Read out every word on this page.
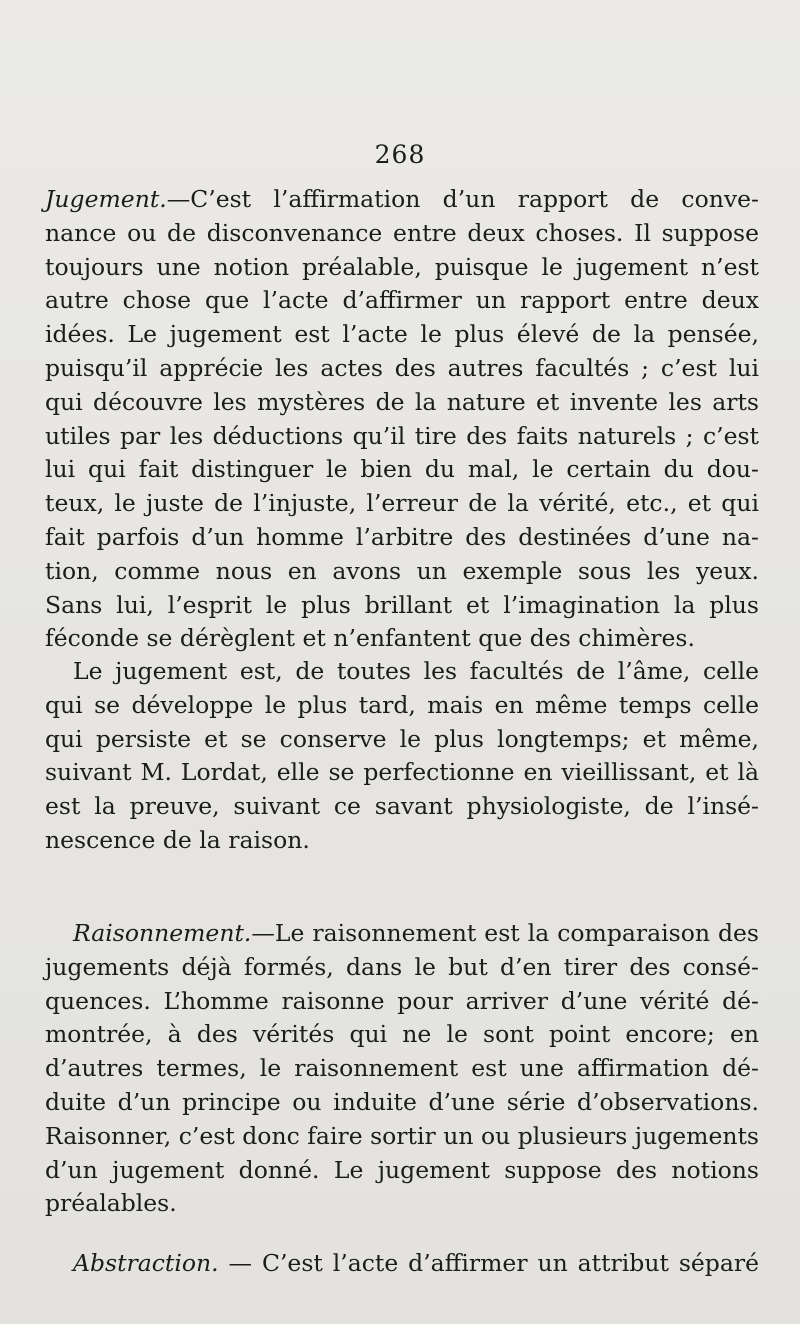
268
Jugement.—C’est l’affirmation d’un rapport de conve-
nance ou de disconvenance entre deux choses. Il suppose
toujours une notion préalable, puisque le jugement n’est
autre chose que l’acte d’affirmer un rapport entre deux
idées. Le jugement est l’acte le plus élevé de la pensée,
puisqu’il apprécie les actes des autres facultés ; c’est lui
qui découvre les mystères de la nature et invente les arts
utiles par les déductions qu’il tire des faits naturels ; c’est
lui qui fait distinguer le bien du mal, le certain du dou-
teux, le juste de l’injuste, l’erreur de la vérité, etc., et qui
fait parfois d’un homme l’arbitre des destinées d’une na-
tion, comme nous en avons un exemple sous les yeux.
Sans lui, l’esprit le plus brillant et l’imagination la plus
féconde se dérèglent et n’enfantent que des chimères.
Le jugement est, de toutes les facultés de l’âme, celle
qui se développe le plus tard, mais en même temps celle
qui persiste et se conserve le plus longtemps; et même,
suivant M. Lordat, elle se perfectionne en vieillissant, et là
est la preuve, suivant ce savant physiologiste, de l’insé-
nescence de la raison.
Raisonnement.—Le raisonnement est la comparaison des
jugements déjà formés, dans le but d’en tirer des consé-
quences. L’homme raisonne pour arriver d’une vérité dé-
montrée, à des vérités qui ne le sont point encore; en
d’autres termes, le raisonnement est une affirmation dé-
duite d’un principe ou induite d’une série d’observations.
Raisonner, c’est donc faire sortir un ou plusieurs jugements
d’un jugement donné. Le jugement suppose des notions
préalables.
Abstraction. — C’est l’acte d’affirmer un attribut séparé
